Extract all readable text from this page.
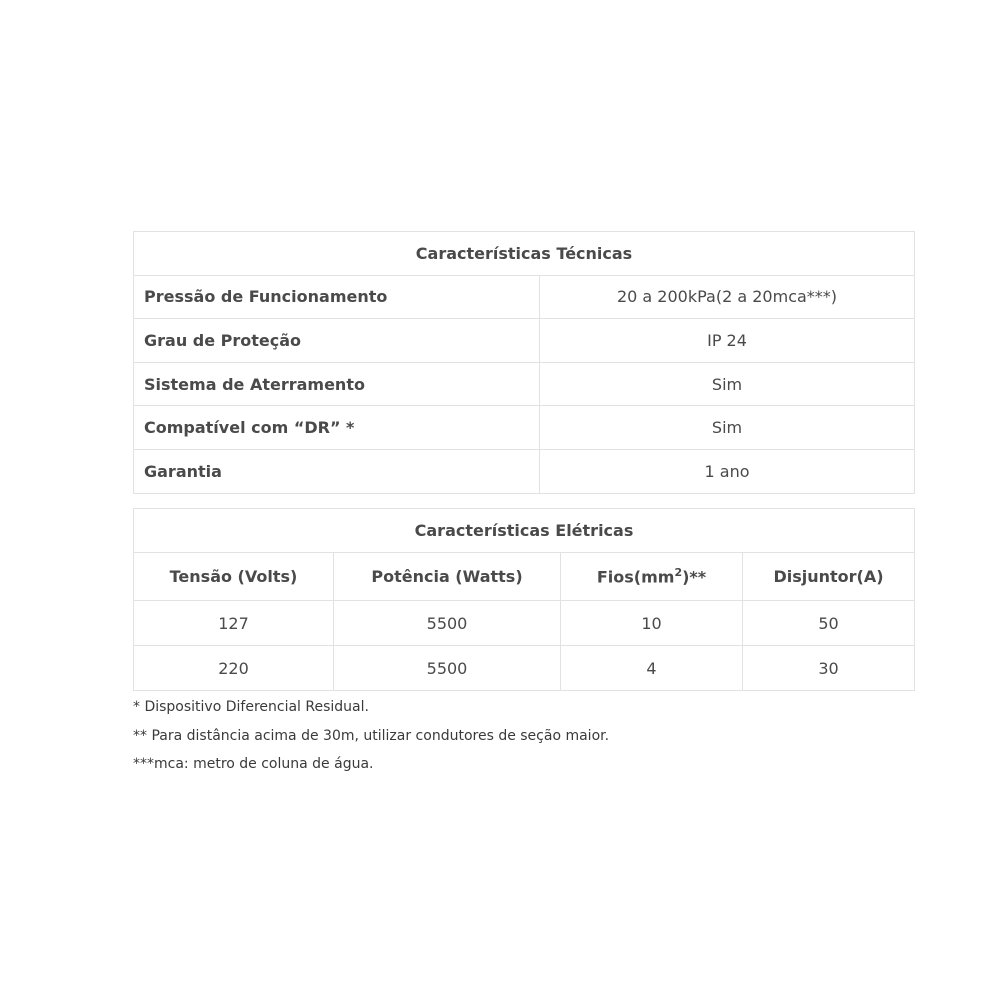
Características Técnicas	
Pressão de Funcionamento	20 a 200kPa(2 a 20mca***)
Grau de Proteção	IP 24
Sistema de Aterramento	Sim
Compatível com “DR” *	Sim
Garantia	1 ano
Características Elétricas			
Tensão (Volts)	Potência (Watts)	$Fios(mm^2)**$	Disjuntor(A)
127	5500	10	50
220	5500	4	30
* Dispositivo Diferencial Residual.
** Para distância acima de 30m, utilizar condutores de seção maior.
***mca: metro de coluna de água.
